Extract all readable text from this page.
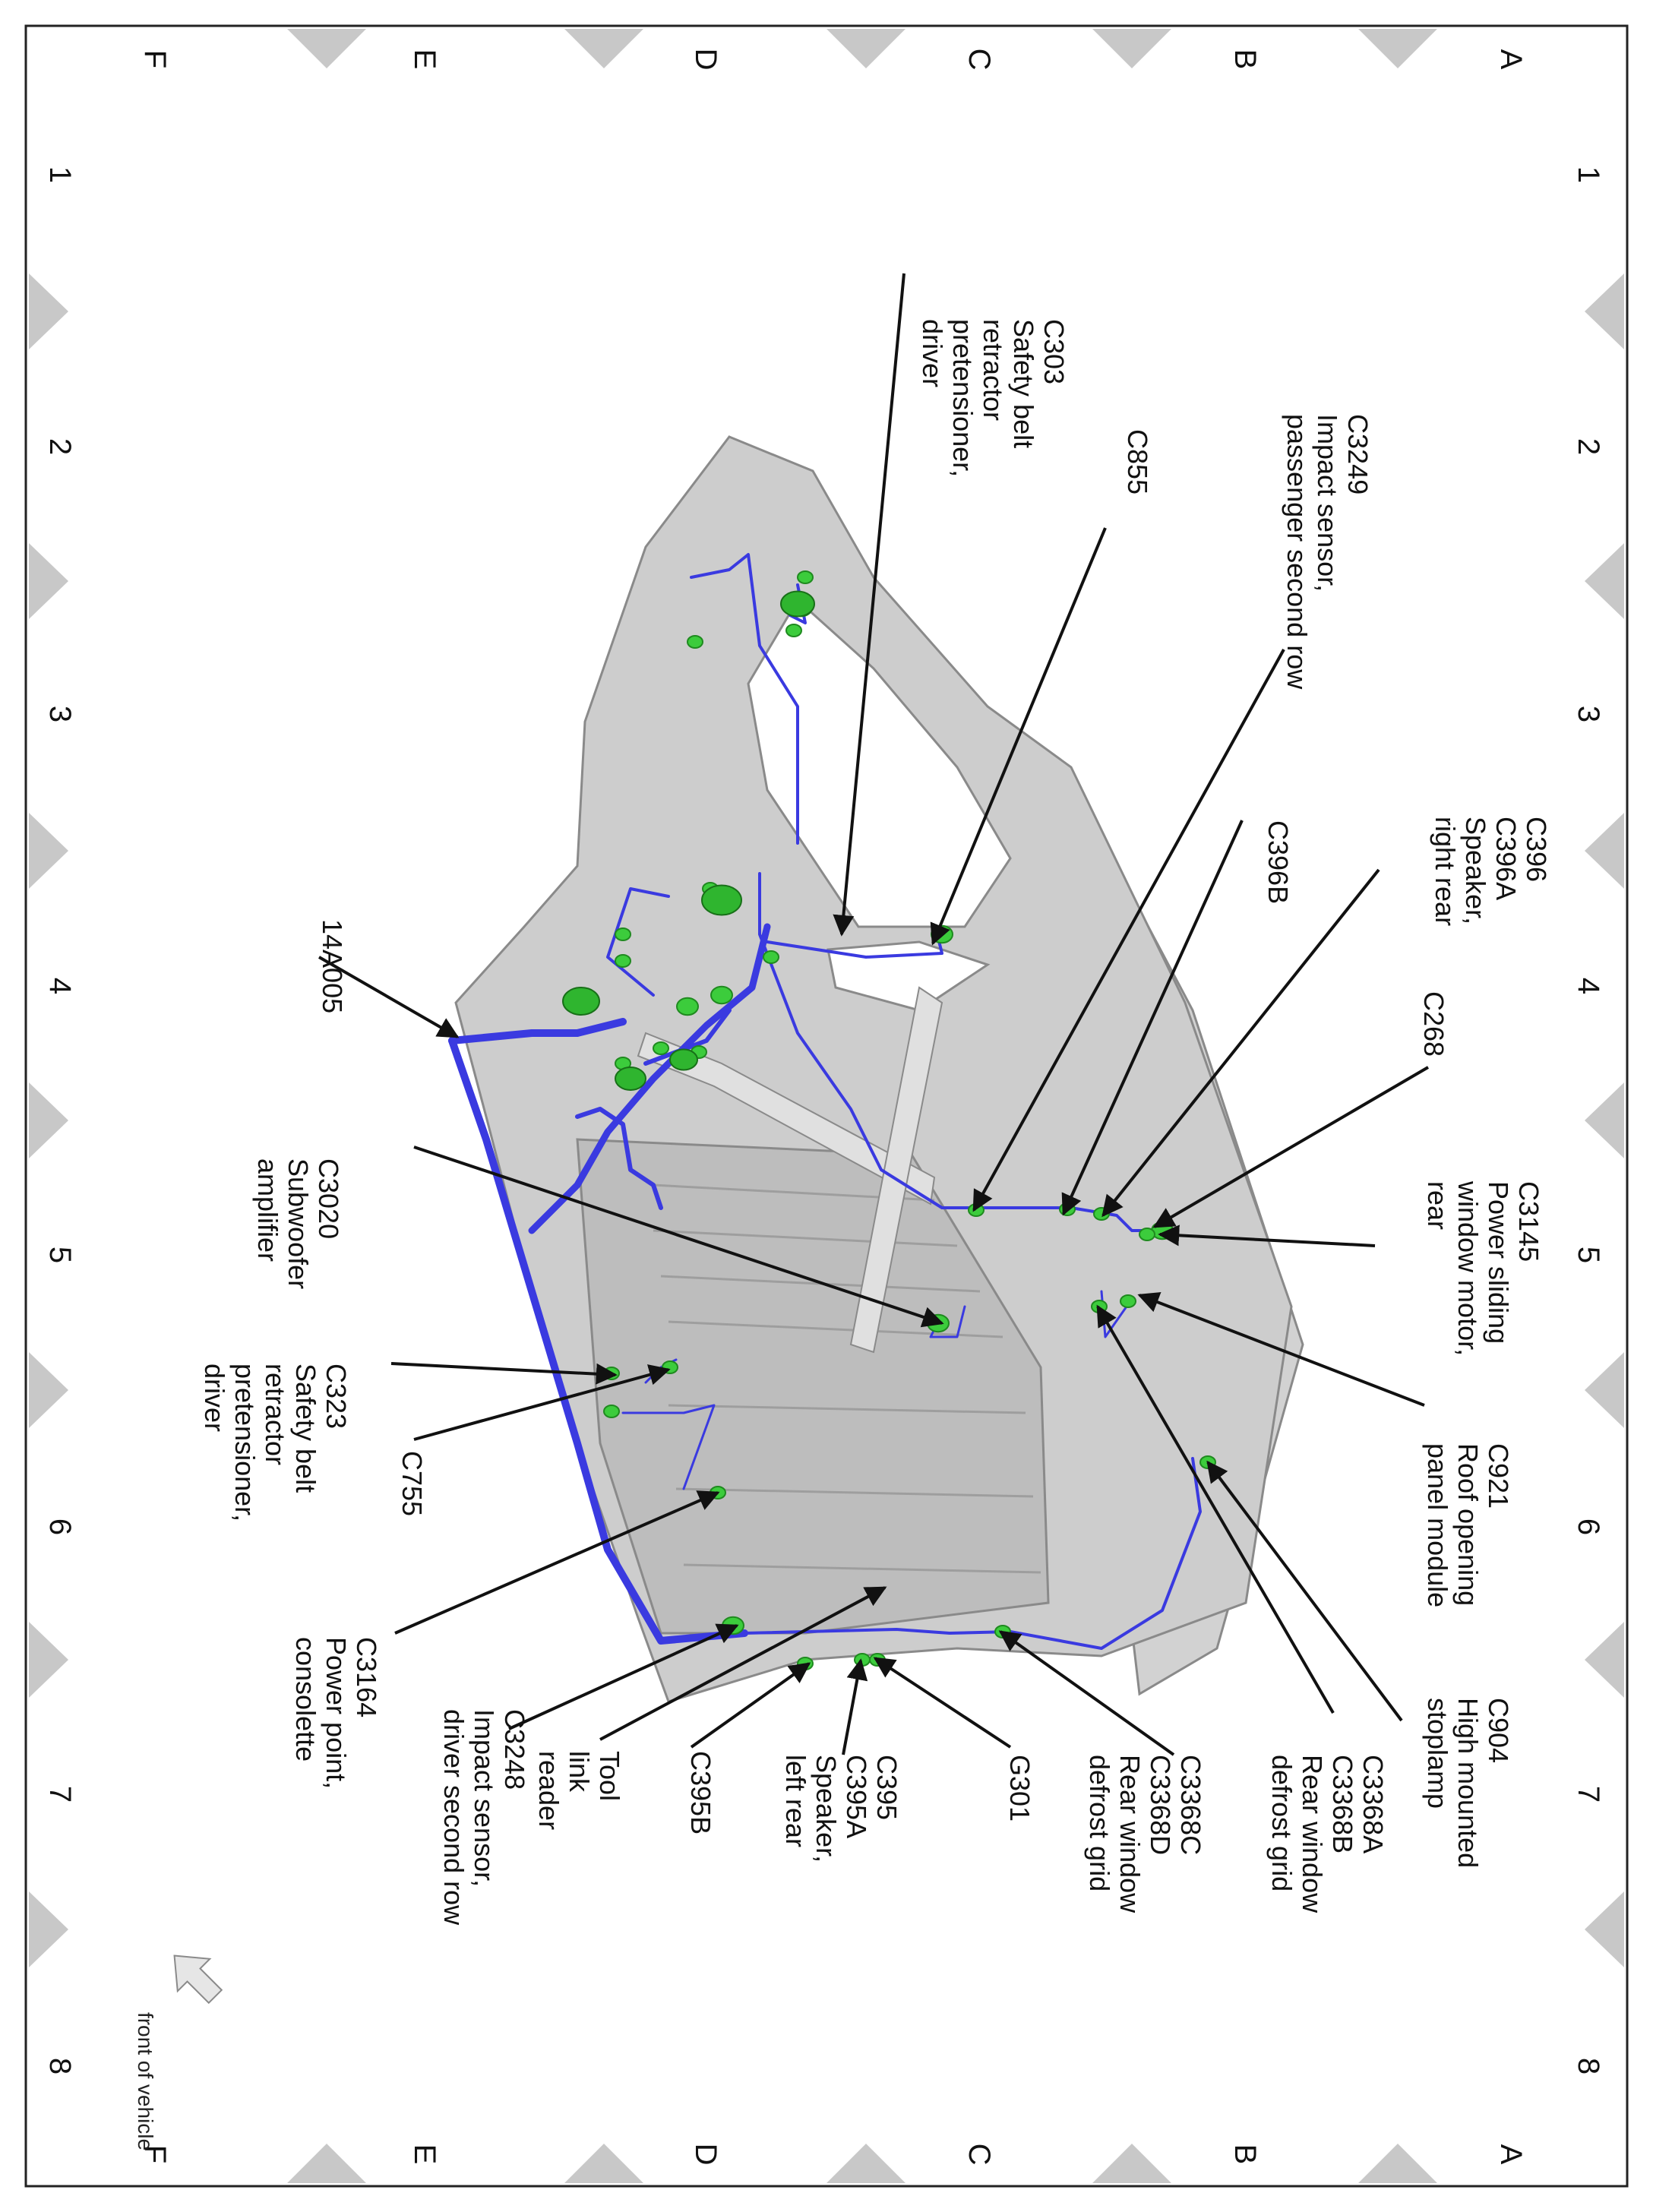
A
B
C
D
E
F
A
B
C
D
E
F
1
2
3
4
5
6
7
8
1
2
3
4
5
6
7
8
C303
Safety belt
retractor
pretensioner,
driver
C855	C3249
Impact sensor,
passenger second row
C396B	C396
C396A
Speaker,
right rear
C268
C3145
Power sliding
window motor,
rear
C921
Roof opening
panel module
C904
High mounted
stoplamp
C3368A
C3368B
Rear window
defrost grid
C3368C
C3368D
Rear window
defrost grid
G301
C395
C395A
Speaker,
left rear
C395B
Tool
link
reader
C3248
Impact sensor,
driver second row
C3164
Power point,
consolette
C755
C323
Safety belt
retractor
pretensioner,
driver
C3020
Subwoofer
amplifier
14A005
front of vehicle
